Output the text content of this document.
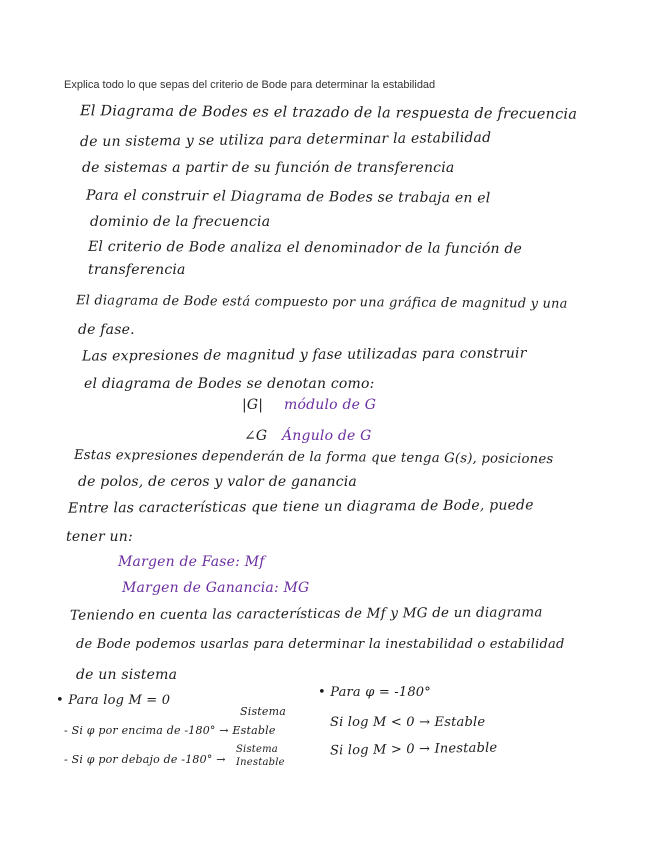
Explica todo lo que sepas del criterio de Bode para determinar la estabilidad
El Diagrama de Bodes es el trazado de la respuesta de frecuencia
de un sistema y se utiliza para determinar la estabilidad
de sistemas a partir de su función de transferencia
Para el construir el Diagrama de Bodes se trabaja en el
dominio de la frecuencia
El criterio de Bode analiza el denominador de la función de
transferencia
El diagrama de Bode está compuesto por una gráfica de magnitud y una
de fase.
Las expresiones de magnitud y fase utilizadas para construir
el diagrama de Bodes se denotan como:
|G| módulo de G
∠G Ángulo de G
Estas expresiones dependerán de la forma que tenga G(s), posiciones
de polos, de ceros y valor de ganancia
Entre las características que tiene un diagrama de Bode, puede
tener un:
Margen de Fase: Mf
Margen de Ganancia: MG
Teniendo en cuenta las características de Mf y MG de un diagrama
de Bode podemos usarlas para determinar la inestabilidad o estabilidad
de un sistema
• Para log M = 0
Sistema
- Si φ por encima de -180° → Estable
- Si φ por debajo de -180° →
Sistema
Inestable
• Para φ = -180°
Si log M < 0 → Estable
Si log M > 0 → Inestable
